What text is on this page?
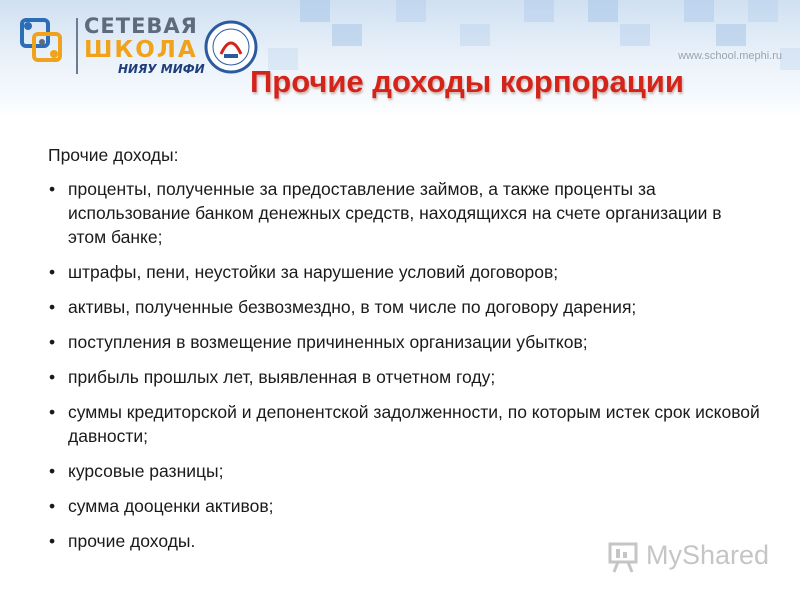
СЕТЕВАЯ
ШКОЛА
НИЯУ МИФИ
www.school.mephi.ru
Прочие доходы корпорации

Прочие доходы:

• проценты, полученные за предоставление займов, а также проценты за использование банком денежных средств, находящихся на счете организации в этом банке;
• штрафы, пени, неустойки за нарушение условий договоров;
• активы, полученные безвозмездно, в том числе по договору дарения;
• поступления в возмещение причиненных организации убытков;
• прибыль прошлых лет, выявленная в отчетном году;
• суммы кредиторской и депонентской задолженности, по которым истек срок исковой давности;
• курсовые разницы;
• сумма дооценки активов;
• прочие доходы.	MyShared
